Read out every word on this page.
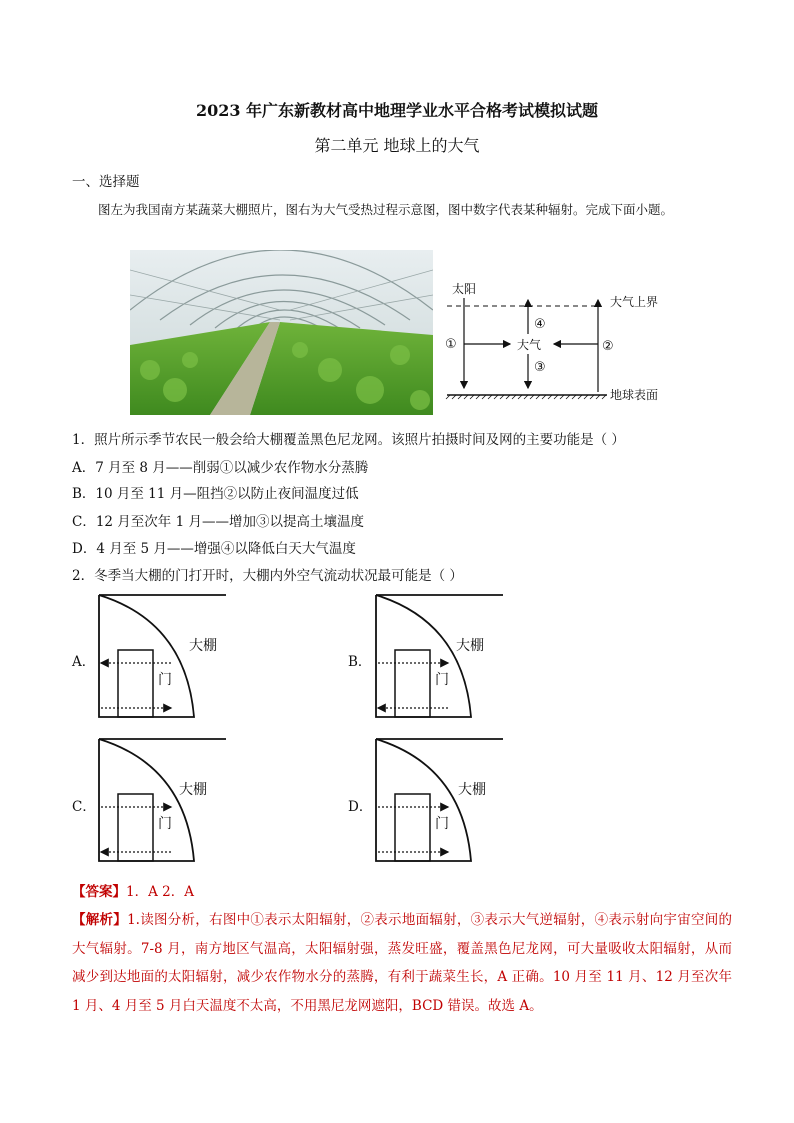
2023 年广东新教材高中地理学业水平合格考试模拟试题
第二单元 地球上的大气
一、选择题
图左为我国南方某蔬菜大棚照片，图右为大气受热过程示意图，图中数字代表某种辐射。完成下面小题。
太阳
大气上界
①	大气
④
③
②
地球表面
1．照片所示季节农民一般会给大棚覆盖黑色尼龙网。该照片拍摄时间及网的主要功能是（ ）
A．7 月至 8 月——削弱①以减少农作物水分蒸腾
B．10 月至 11 月—阻挡②以防止夜间温度过低
C．12 月至次年 1 月——增加③以提高土壤温度
D．4 月至 5 月——增强④以降低白天大气温度
2．冬季当大棚的门打开时，大棚内外空气流动状况最可能是（ ）
A．	B．
C．	D．
大棚
门
大棚
门
大棚
门
大棚
门
【答案】1．A 2．A
【解析】1.读图分析，右图中①表示太阳辐射，②表示地面辐射，③表示大气逆辐射，④表示射向宇宙空间的大气辐射。7-8 月，南方地区气温高，太阳辐射强，蒸发旺盛，覆盖黑色尼龙网，可大量吸收太阳辐射，从而减少到达地面的太阳辐射，减少农作物水分的蒸腾，有利于蔬菜生长，A 正确。10 月至 11 月、12 月至次年 1 月、4 月至 5 月白天温度不太高，不用黑尼龙网遮阳，BCD 错误。故选 A。
